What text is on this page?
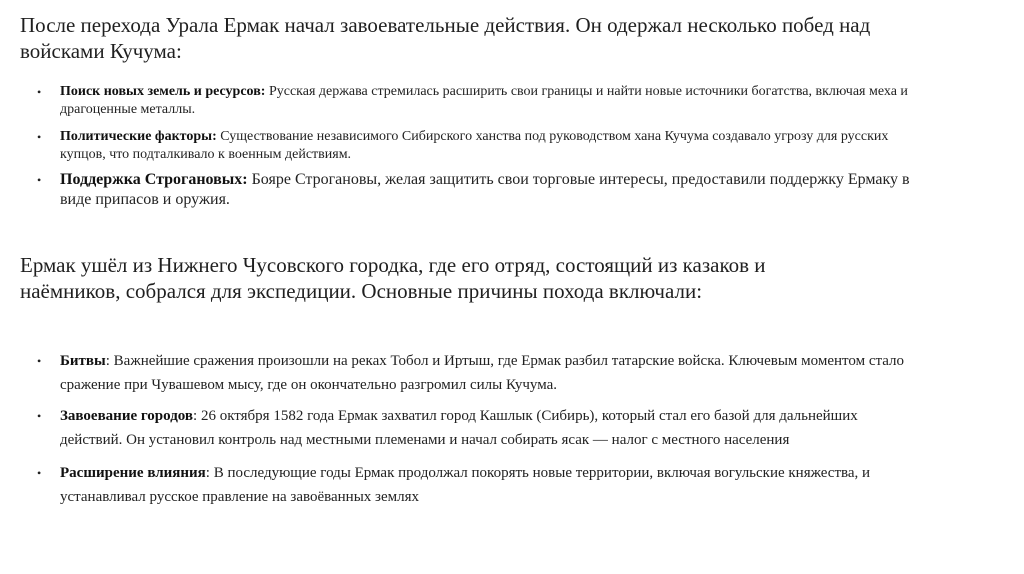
После перехода Урала Ермак начал завоевательные действия. Он одержал несколько побед над войсками Кучума:
• Поиск новых земель и ресурсов: Русская держава стремилась расширить свои границы и найти новые источники богатства, включая меха и драгоценные металлы.
• Политические факторы: Существование независимого Сибирского ханства под руководством хана Кучума создавало угрозу для русских купцов, что подталкивало к военным действиям.
• Поддержка Строгановых: Бояре Строгановы, желая защитить свои торговые интересы, предоставили поддержку Ермаку в виде припасов и оружия.
Ермак ушёл из Нижнего Чусовского городка, где его отряд, состоящий из казаков и наёмников, собрался для экспедиции. Основные причины похода включали:
• Битвы: Важнейшие сражения произошли на реках Тобол и Иртыш, где Ермак разбил татарские войска. Ключевым моментом стало сражение при Чувашевом мысу, где он окончательно разгромил силы Кучума.
• Завоевание городов: 26 октября 1582 года Ермак захватил город Кашлык (Сибирь), который стал его базой для дальнейших действий. Он установил контроль над местными племенами и начал собирать ясак — налог с местного населения
• Расширение влияния: В последующие годы Ермак продолжал покорять новые территории, включая вогульские княжества, и устанавливал русское правление на завоёванных землях
